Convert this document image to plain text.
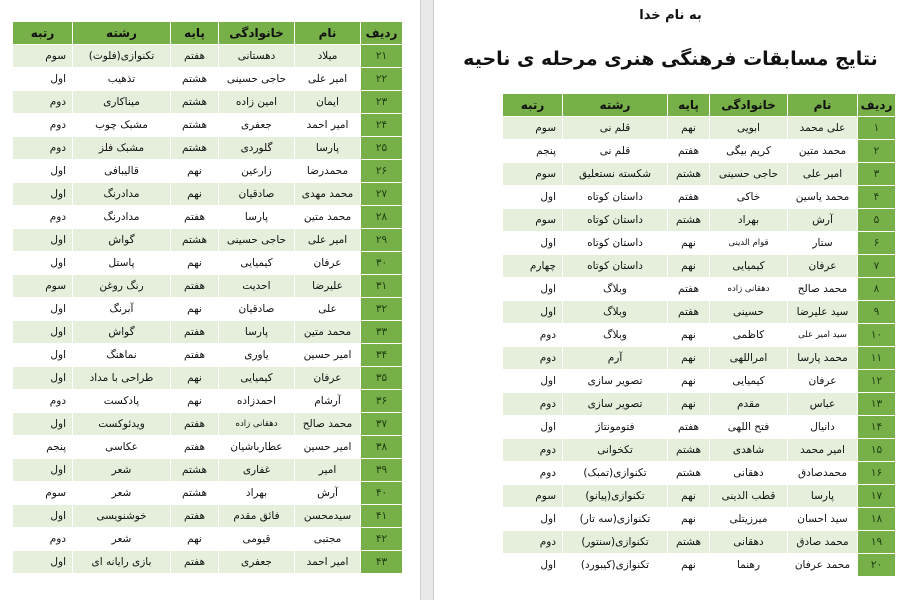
ردیف	نام	خانوادگی	پایه	رشته	رتبه
۲۱	میلاد	دهستانی	هفتم	تکنوازی(فلوت)	سوم
۲۲	امیر علی	حاجی حسینی	هشتم	تذهیب	اول
۲۳	ایمان	امین زاده	هشتم	میناکاری	دوم
۲۴	امیر احمد	جعفری	هشتم	مشبک چوب	دوم
۲۵	پارسا	گلوردی	هشتم	مشبک فلز	دوم
۲۶	محمدرضا	زارعین	نهم	قالیبافی	اول
۲۷	محمد مهدی	صادقیان	نهم	مدادرنگ	اول
۲۸	محمد متین	پارسا	هفتم	مدادرنگ	دوم
۲۹	امیر علی	حاجی حسینی	هشتم	گواش	اول
۳۰	عرفان	کیمیایی	نهم	پاستل	اول
۳۱	علیرضا	احدیت	هفتم	رنگ روغن	سوم
۳۲	علی	صادقیان	نهم	آبرنگ	اول
۳۳	محمد متین	پارسا	هفتم	گواش	اول
۳۴	امیر حسین	یاوری	هفتم	نماهنگ	اول
۳۵	عرفان	کیمیایی	نهم	طراحی با مداد	اول
۳۶	آرشام	احمدزاده	نهم	پادکست	دوم
۳۷	محمد صالح	دهقانی زاده	هفتم	ویدئوکست	اول
۳۸	امیر حسین	عطارباشیان	هفتم	عکاسی	پنجم
۳۹	امیر	غفاری	هشتم	شعر	اول
۴۰	آرش	بهراد	هشتم	شعر	سوم
۴۱	سیدمحسن	فائق مقدم	هفتم	خوشنویسی	اول
۴۲	مجتبی	قیومی	نهم	شعر	دوم
۴۳	امیر احمد	جعفری	هفتم	بازی رایانه ای	اول
به نام خدا
نتایج مسابقات فرهنگی هنری مرحله ی ناحیه
ردیف	نام	خانوادگی	پایه	رشته	رتبه
۱	علی محمد	ابویی	نهم	قلم نی	سوم
۲	محمد متین	کریم بیگی	هفتم	قلم نی	پنجم
۳	امیر علی	حاجی حسینی	هشتم	شکسته نستعلیق	سوم
۴	محمد یاسین	خاکی	هفتم	داستان کوتاه	اول
۵	آرش	بهراد	هشتم	داستان کوتاه	سوم
۶	ستار	قوام الدینی	نهم	داستان کوتاه	اول
۷	عرفان	کیمیایی	نهم	داستان کوتاه	چهارم
۸	محمد صالح	دهقانی زاده	هفتم	وبلاگ	اول
۹	سید علیرضا	حسینی	هفتم	وبلاگ	اول
۱۰	سید امیر علی	کاظمی	نهم	وبلاگ	دوم
۱۱	محمد پارسا	امراللهی	نهم	آرم	دوم
۱۲	عرفان	کیمیایی	نهم	تصویر سازی	اول
۱۳	عباس	مقدم	نهم	تصویر سازی	دوم
۱۴	دانیال	فتح اللهی	هفتم	فتومونتاژ	اول
۱۵	امیر محمد	شاهدی	هشتم	تکخوانی	دوم
۱۶	محمدصادق	دهقانی	هشتم	تکنوازی(تمبک)	دوم
۱۷	پارسا	قطب الدینی	نهم	تکنوازی(پیانو)	سوم
۱۸	سید احسان	میرزیتلی	نهم	تکنوازی(سه تار)	اول
۱۹	محمد صادق	دهقانی	هشتم	تکنوازی(سنتور)	دوم
۲۰	محمد عرفان	رهنما	نهم	تکنوازی(کیبورد)	اول
